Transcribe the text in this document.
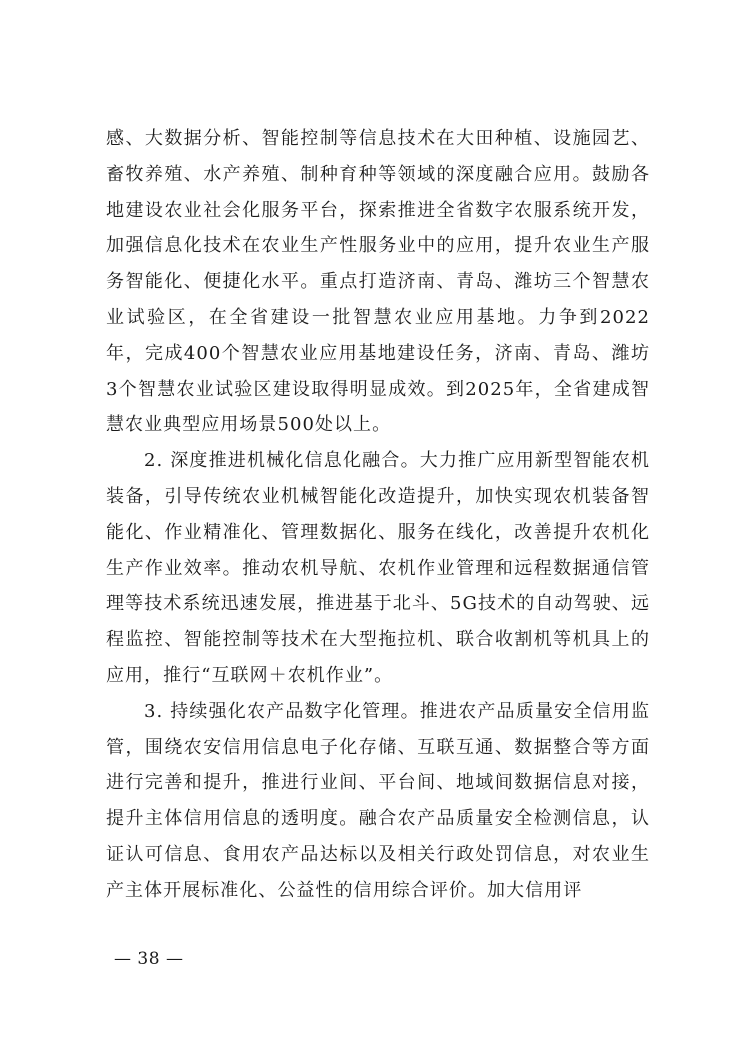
感、大数据分析、智能控制等信息技术在大田种植、设施园艺、畜牧养殖、水产养殖、制种育种等领域的深度融合应用。鼓励各地建设农业社会化服务平台，探索推进全省数字农服系统开发，加强信息化技术在农业生产性服务业中的应用，提升农业生产服务智能化、便捷化水平。重点打造济南、青岛、潍坊三个智慧农业试验区，在全省建设一批智慧农业应用基地。力争到2022年，完成400个智慧农业应用基地建设任务，济南、青岛、潍坊3个智慧农业试验区建设取得明显成效。到2025年，全省建成智慧农业典型应用场景500处以上。

2. 深度推进机械化信息化融合。大力推广应用新型智能农机装备，引导传统农业机械智能化改造提升，加快实现农机装备智能化、作业精准化、管理数据化、服务在线化，改善提升农机化生产作业效率。推动农机导航、农机作业管理和远程数据通信管理等技术系统迅速发展，推进基于北斗、5G技术的自动驾驶、远程监控、智能控制等技术在大型拖拉机、联合收割机等机具上的应用，推行“互联网＋农机作业”。

3. 持续强化农产品数字化管理。推进农产品质量安全信用监管，围绕农安信用信息电子化存储、互联互通、数据整合等方面进行完善和提升，推进行业间、平台间、地域间数据信息对接，提升主体信用信息的透明度。融合农产品质量安全检测信息，认证认可信息、食用农产品达标以及相关行政处罚信息，对农业生产主体开展标准化、公益性的信用综合评价。加大信用评

— 38 —
